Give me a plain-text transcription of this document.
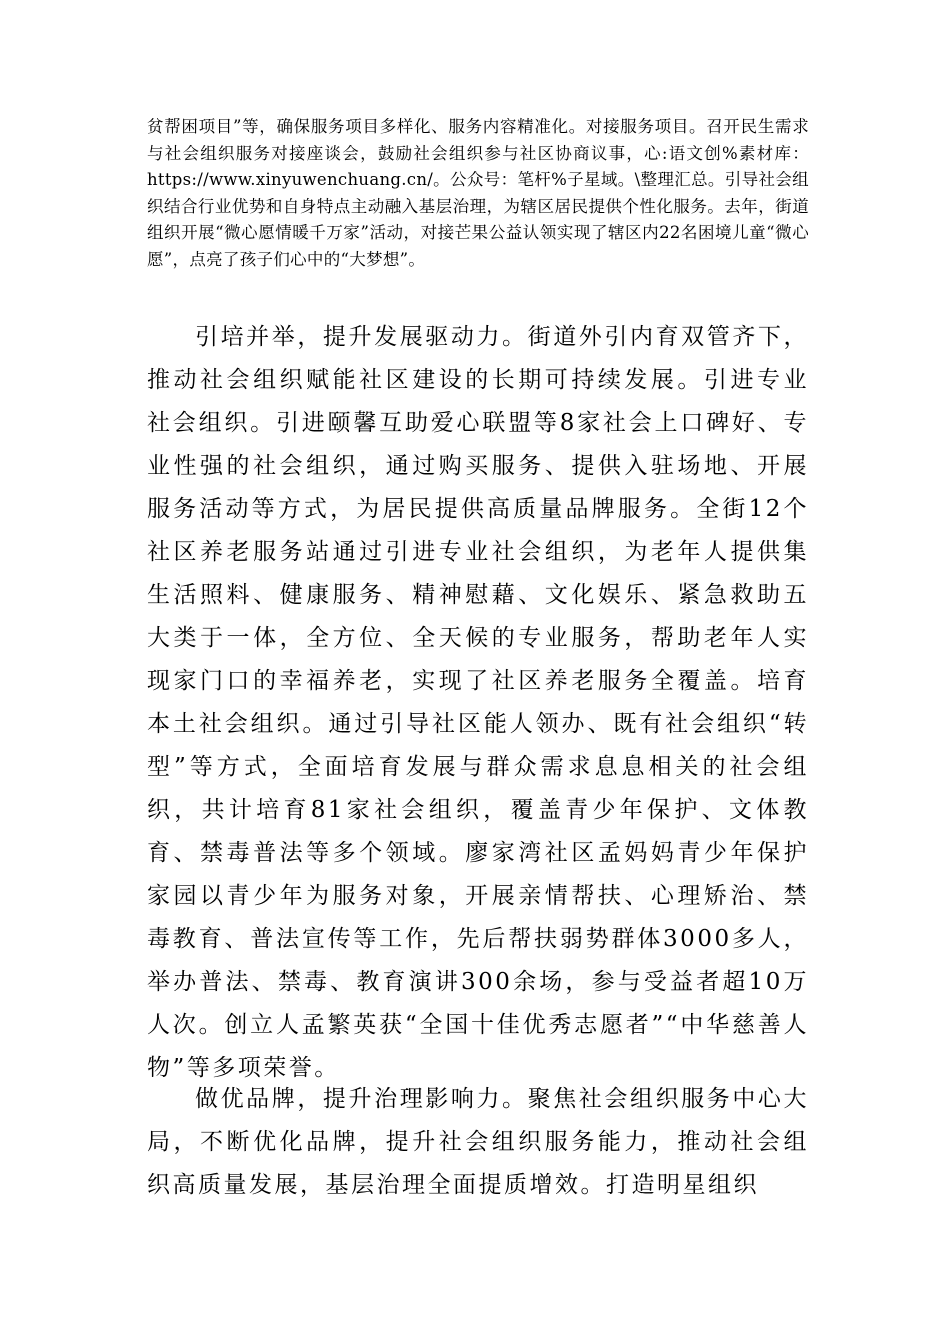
贫帮困项目”等，确保服务项目多样化、服务内容精准化。对接服务项目。召开民生需求与社会组织服务对接座谈会，鼓励社会组织参与社区协商议事，心:语文创%素材库：https://www.xinyuwenchuang.cn/。公众号：笔杆%子星域。\整理汇总。引导社会组织结合行业优势和自身特点主动融入基层治理，为辖区居民提供个性化服务。去年，街道组织开展“微心愿情暖千万家”活动，对接芒果公益认领实现了辖区内22名困境儿童“微心愿”，点亮了孩子们心中的“大梦想”。

引培并举，提升发展驱动力。街道外引内育双管齐下，推动社会组织赋能社区建设的长期可持续发展。引进专业社会组织。引进颐馨互助爱心联盟等8家社会上口碑好、专业性强的社会组织，通过购买服务、提供入驻场地、开展服务活动等方式，为居民提供高质量品牌服务。全街12个社区养老服务站通过引进专业社会组织，为老年人提供集生活照料、健康服务、精神慰藉、文化娱乐、紧急救助五大类于一体，全方位、全天候的专业服务，帮助老年人实现家门口的幸福养老，实现了社区养老服务全覆盖。培育本土社会组织。通过引导社区能人领办、既有社会组织“转型”等方式，全面培育发展与群众需求息息相关的社会组织，共计培育81家社会组织，覆盖青少年保护、文体教育、禁毒普法等多个领域。廖家湾社区孟妈妈青少年保护家园以青少年为服务对象，开展亲情帮扶、心理矫治、禁毒教育、普法宣传等工作，先后帮扶弱势群体3000多人，举办普法、禁毒、教育演讲300余场，参与受益者超10万人次。创立人孟繁英获“全国十佳优秀志愿者”“中华慈善人物”等多项荣誉。

做优品牌，提升治理影响力。聚焦社会组织服务中心大局，不断优化品牌，提升社会组织服务能力，推动社会组织高质量发展，基层治理全面提质增效。打造明星组织
